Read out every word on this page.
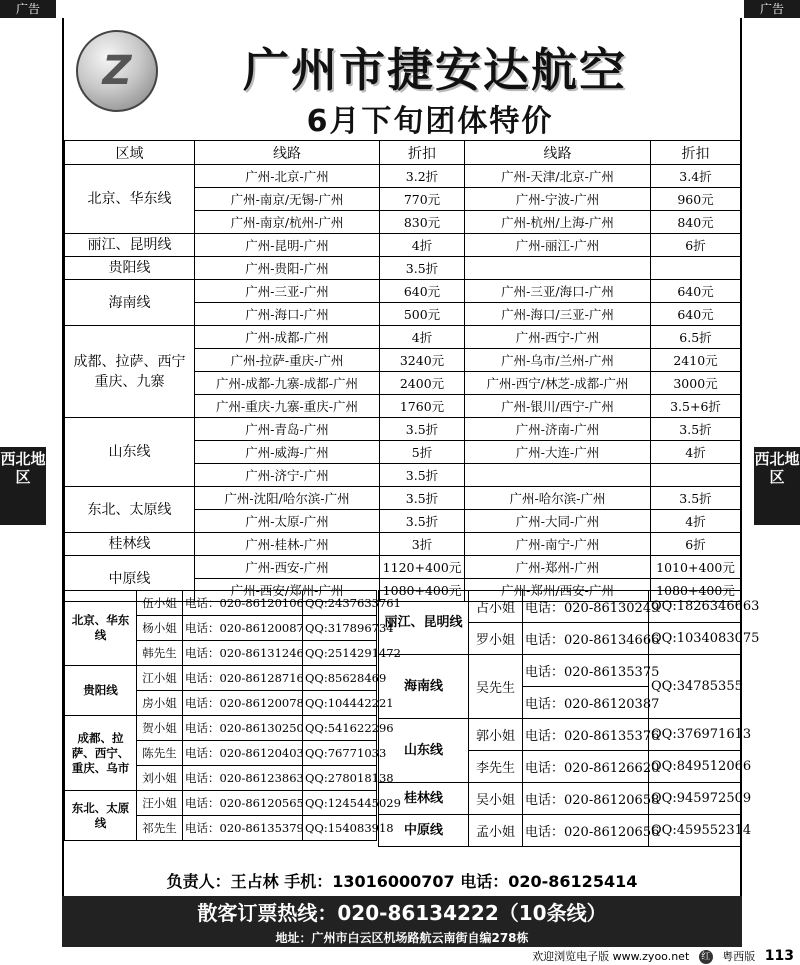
广告	广告
Z	广州市捷安达航空
6月下旬团体特价
区域	线路	折扣	线路	折扣
北京、华东线	广州-北京-广州	3.2折	广州-天津/北京-广州	3.4折
	广州-南京/无锡-广州	770元	广州-宁波-广州	960元
	广州-南京/杭州-广州	830元	广州-杭州/上海-广州	840元
丽江、昆明线	广州-昆明-广州	4折	广州-丽江-广州	6折
贵阳线	广州-贵阳-广州	3.5折		
海南线	广州-三亚-广州	640元	广州-三亚/海口-广州	640元
	广州-海口-广州	500元	广州-海口/三亚-广州	640元
成都、拉萨、西宁 重庆、九寨	广州-成都-广州	4折	广州-西宁-广州	6.5折
	广州-拉萨-重庆-广州	3240元	广州-乌市/兰州-广州	2410元
	广州-成都-九寨-成都-广州	2400元	广州-西宁/林芝-成都-广州	3000元
	广州-重庆-九寨-重庆-广州	1760元	广州-银川/西宁-广州	3.5+6折
山东线	广州-青岛-广州	3.5折	广州-济南-广州	3.5折
	广州-威海-广州	5折	广州-大连-广州	4折
	广州-济宁-广州	3.5折		
东北、太原线	广州-沈阳/哈尔滨-广州	3.5折	广州-哈尔滨-广州	3.5折
	广州-太原-广州	3.5折	广州-大同-广州	4折
桂林线	广州-桂林-广州	3折	广州-南宁-广州	6折
中原线	广州-西安-广州	1120+400元	广州-郑州-广州	1010+400元
	广州-西安/郑州-广州	1080+400元	广州-郑州/西安-广州	1080+400元
西北地区
西北地区
北京、华东线	伍小姐	电话：020-86120106	QQ:2437633761
	杨小姐	电话：020-86120087	QQ:317896734
	韩先生	电话：020-86131246	QQ:2514291472
贵阳线	江小姐	电话：020-86128716	QQ:85628469
	房小姐	电话：020-86120078	QQ:104442221
成都、拉萨、西宁、重庆、乌市	贺小姐	电话：020-86130250	QQ:541622296
	陈先生	电话：020-86120403	QQ:76771033
	刘小姐	电话：020-86123863	QQ:278018138
东北、太原线	汪小姐	电话：020-86120565	QQ:1245445029
	祁先生	电话：020-86135379	QQ:154083918
丽江、昆明线	占小姐	电话：020-86130249	QQ:1826346663
	罗小姐	电话：020-86134666	QQ:1034083075
海南线	吴先生	电话：020-86135375	QQ:34785355
		电话：020-86120387	
山东线	郭小姐	电话：020-86135376	QQ:376971613
	李先生	电话：020-86126620	QQ:849512066
桂林线	吴小姐	电话：020-86120658	QQ:945972509
中原线	孟小姐	电话：020-86120656	QQ:459552314
负责人：王占林 手机：13016000707 电话：020-86125414
散客订票热线：020-86134222（10条线）
地址：广州市白云区机场路航云南街自编278栋
欢迎浏览电子版 www.zyoo.net 红 粤西版 113
